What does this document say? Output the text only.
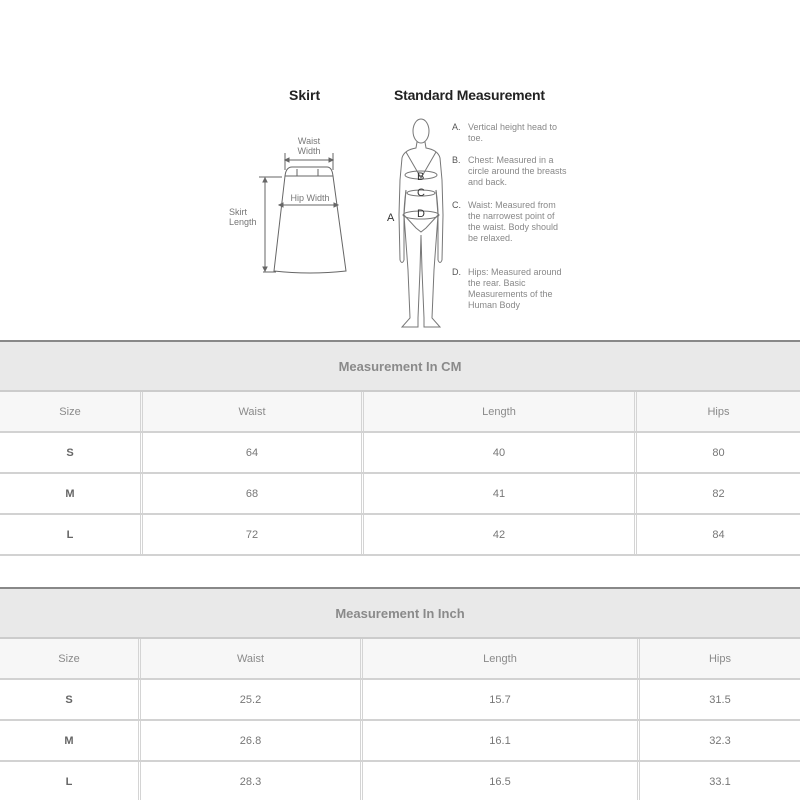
B
C
D
A
Skirt	Standard Measurement
Waist Width
Hip Width
Skirt Length
A. Vertical height head to toe.
B. Chest: Measured in a circle around the breasts and back.
C. Waist: Measured from the narrowest point of the waist. Body should be relaxed.
D. Hips: Measured around the rear. Basic Measurements of the Human Body
Measurement In CM
Size	Waist	Length	Hips
S	64	40	80
M	68	41	82
L	72	42	84
Measurement In Inch
Size	Waist	Length	Hips
S	25.2	15.7	31.5
M	26.8	16.1	32.3
L	28.3	16.5	33.1
